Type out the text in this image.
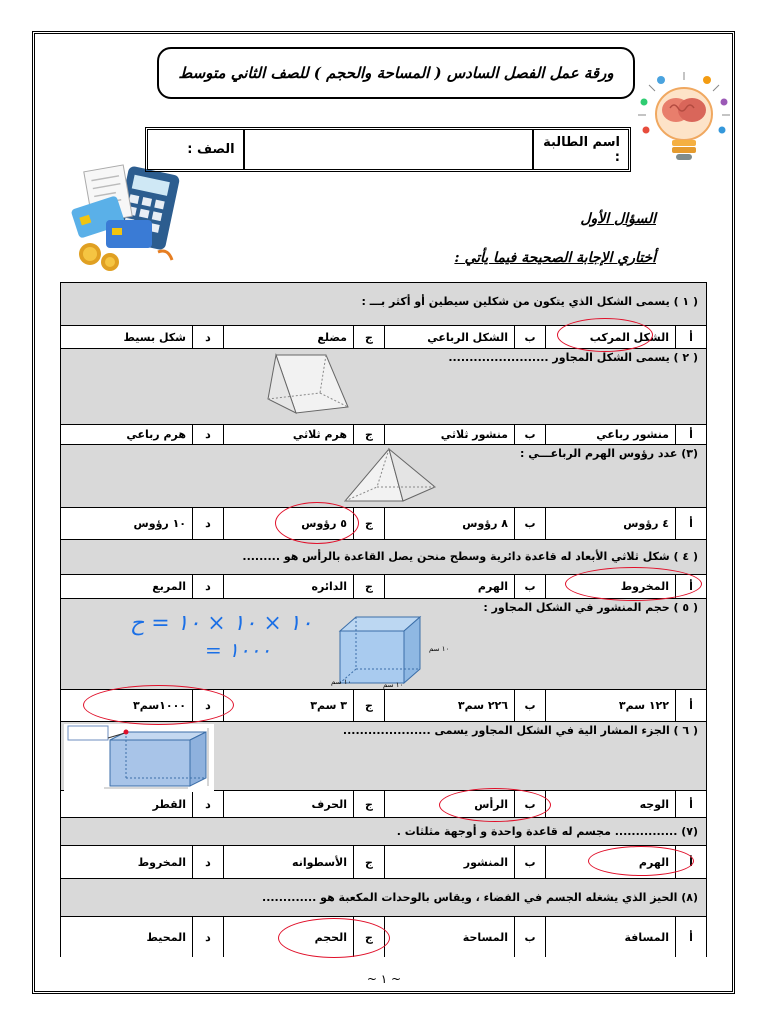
ورقة عمل الفصل السادس ( المساحة والحجم ) للصف الثاني متوسط
اسم الطالبة :
الصف :
السؤال الأول
أختاري الإجابة الصحيحة فيما يأتي :
( ١ ) يسمى الشكل الذي يتكون من شكلين سيطين أو أكثر بـــ :
أ
الشكل المركب
ب
الشكل الرباعي
ج
مضلع
د
شكل بسيط
( ٢ ) يسمى الشكل المجاور ........................
أ
منشور رباعي
ب
منشور ثلاثي
ج
هرم ثلاثي
د
هرم رباعي
(٣) عدد رؤوس الهرم الرباعـــي :
أ
٤ رؤوس
ب
٨ رؤوس
ج
٥ رؤوس
د
١٠ رؤوس
( ٤ ) شكل ثلاثي الأبعاد له قاعدة دائرية وسطح منحن يصل القاعدة بالرأس هو .........
أ
المخروط
ب
الهرم
ج
الدائره
د
المربع
( ٥ ) حجم المنشور في الشكل المجاور :
١٠ سم
١٠ سم
١٠ سم
أ
١٢٢ سم٣
ب
٢٢٦ سم٣
ج
٣ سم٣
د
١٠٠٠سم٣
( ٦ ) الجزء المشار الية في الشكل المجاور يسمى .....................
أ
الوجه
ب
الرأس
ج
الحرف
د
القطر
(٧) ............... مجسم له قاعدة واحدة و أوجهة مثلثات .
أ
الهرم
ب
المنشور
ج
الأسطوانه
د
المخروط
(٨) الحيز الذي يشغله الجسم في الفضاء ، ويقاس بالوحدات المكعبة هو .............
أ
المسافة
ب
المساحة
ج
الحجم
د
المحيط
١٠ × ١٠ × ١٠ = ح
١٠٠٠ =
~ ١ ~
